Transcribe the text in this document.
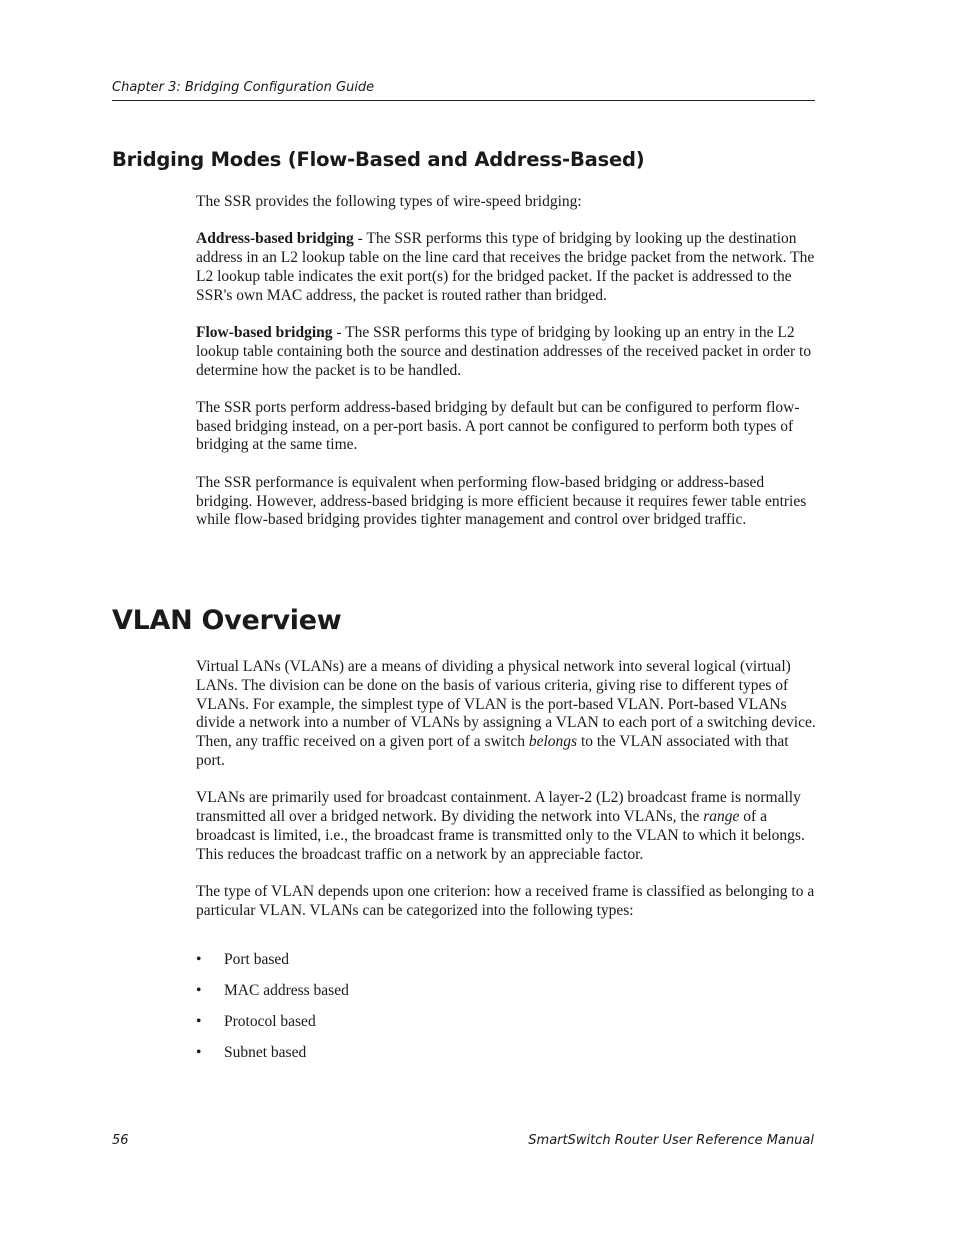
Chapter 3: Bridging Configuration Guide
Bridging Modes (Flow-Based and Address-Based)

The SSR provides the following types of wire-speed bridging:

Address-based bridging - The SSR performs this type of bridging by looking up the destination address in an L2 lookup table on the line card that receives the bridge packet from the network. The L2 lookup table indicates the exit port(s) for the bridged packet. If the packet is addressed to the SSR's own MAC address, the packet is routed rather than bridged.

Flow-based bridging - The SSR performs this type of bridging by looking up an entry in the L2 lookup table containing both the source and destination addresses of the received packet in order to determine how the packet is to be handled.

The SSR ports perform address-based bridging by default but can be configured to perform flow-based bridging instead, on a per-port basis. A port cannot be configured to perform both types of bridging at the same time.

The SSR performance is equivalent when performing flow-based bridging or address-based bridging. However, address-based bridging is more efficient because it requires fewer table entries while flow-based bridging provides tighter management and control over bridged traffic.

VLAN Overview

Virtual LANs (VLANs) are a means of dividing a physical network into several logical (virtual) LANs. The division can be done on the basis of various criteria, giving rise to different types of VLANs. For example, the simplest type of VLAN is the port-based VLAN. Port-based VLANs divide a network into a number of VLANs by assigning a VLAN to each port of a switching device. Then, any traffic received on a given port of a switch belongs to the VLAN associated with that port.

VLANs are primarily used for broadcast containment. A layer-2 (L2) broadcast frame is normally transmitted all over a bridged network. By dividing the network into VLANs, the range of a broadcast is limited, i.e., the broadcast frame is transmitted only to the VLAN to which it belongs. This reduces the broadcast traffic on a network by an appreciable factor.

The type of VLAN depends upon one criterion: how a received frame is classified as belonging to a particular VLAN. VLANs can be categorized into the following types:

• Port based
• MAC address based
• Protocol based
• Subnet based
56	SmartSwitch Router User Reference Manual
